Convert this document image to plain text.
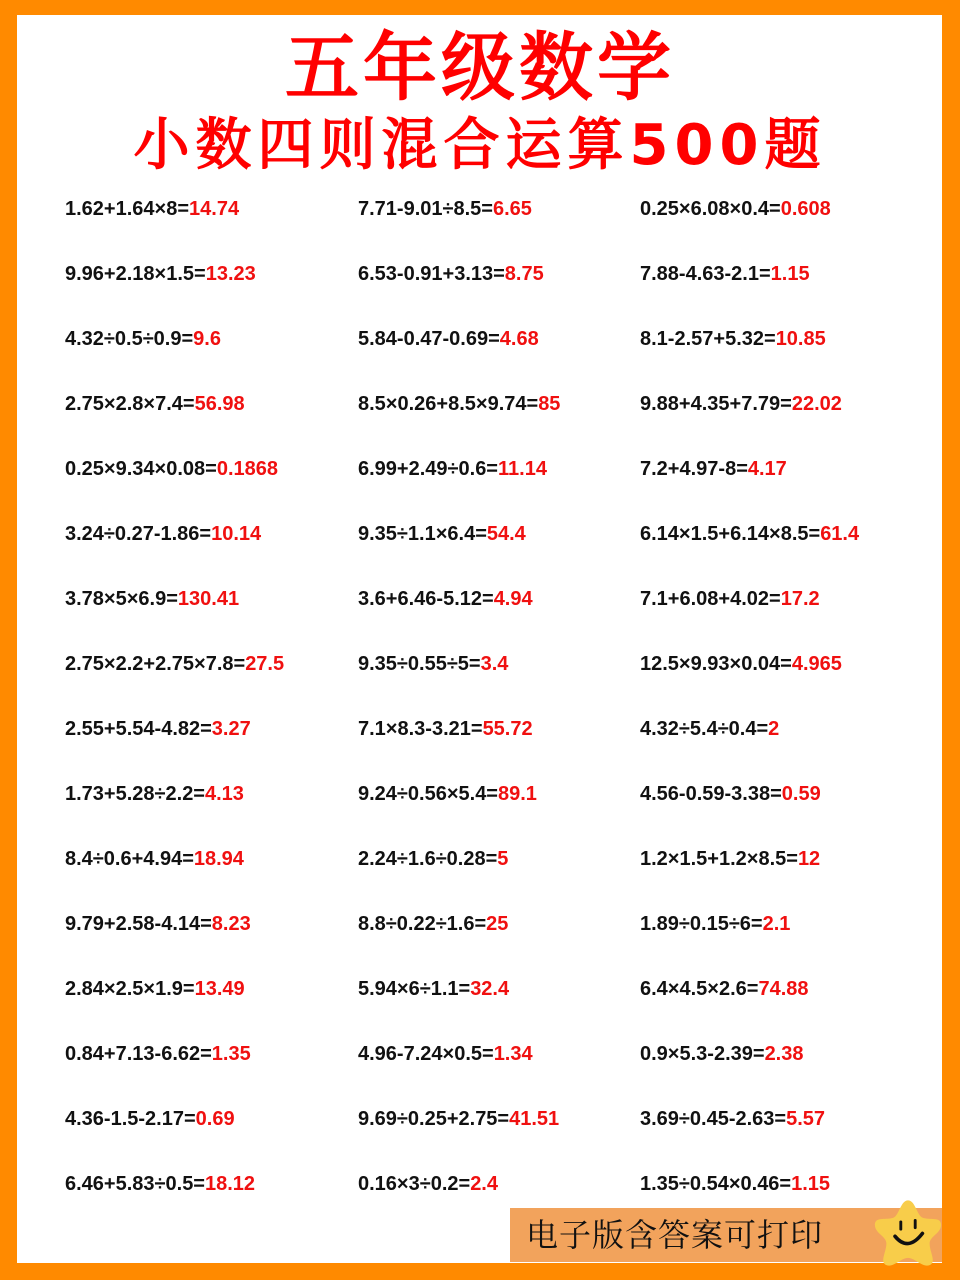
五年级数学
小数四则混合运算500题
1.62+1.64×8=14.74	7.71-9.01÷8.5=6.65	0.25×6.08×0.4=0.608
9.96+2.18×1.5=13.23	6.53-0.91+3.13=8.75	7.88-4.63-2.1=1.15
4.32÷0.5÷0.9=9.6	5.84-0.47-0.69=4.68	8.1-2.57+5.32=10.85
2.75×2.8×7.4=56.98	8.5×0.26+8.5×9.74=85	9.88+4.35+7.79=22.02
0.25×9.34×0.08=0.1868	6.99+2.49÷0.6=11.14	7.2+4.97-8=4.17
3.24÷0.27-1.86=10.14	9.35÷1.1×6.4=54.4	6.14×1.5+6.14×8.5=61.4
3.78×5×6.9=130.41	3.6+6.46-5.12=4.94	7.1+6.08+4.02=17.2
2.75×2.2+2.75×7.8=27.5	9.35÷0.55÷5=3.4	12.5×9.93×0.04=4.965
2.55+5.54-4.82=3.27	7.1×8.3-3.21=55.72	4.32÷5.4÷0.4=2
1.73+5.28÷2.2=4.13	9.24÷0.56×5.4=89.1	4.56-0.59-3.38=0.59
8.4÷0.6+4.94=18.94	2.24÷1.6÷0.28=5	1.2×1.5+1.2×8.5=12
9.79+2.58-4.14=8.23	8.8÷0.22÷1.6=25	1.89÷0.15÷6=2.1
2.84×2.5×1.9=13.49	5.94×6÷1.1=32.4	6.4×4.5×2.6=74.88
0.84+7.13-6.62=1.35	4.96-7.24×0.5=1.34	0.9×5.3-2.39=2.38
4.36-1.5-2.17=0.69	9.69÷0.25+2.75=41.51	3.69÷0.45-2.63=5.57
6.46+5.83÷0.5=18.12	0.16×3÷0.2=2.4	1.35÷0.54×0.46=1.15
电子版含答案可打印
